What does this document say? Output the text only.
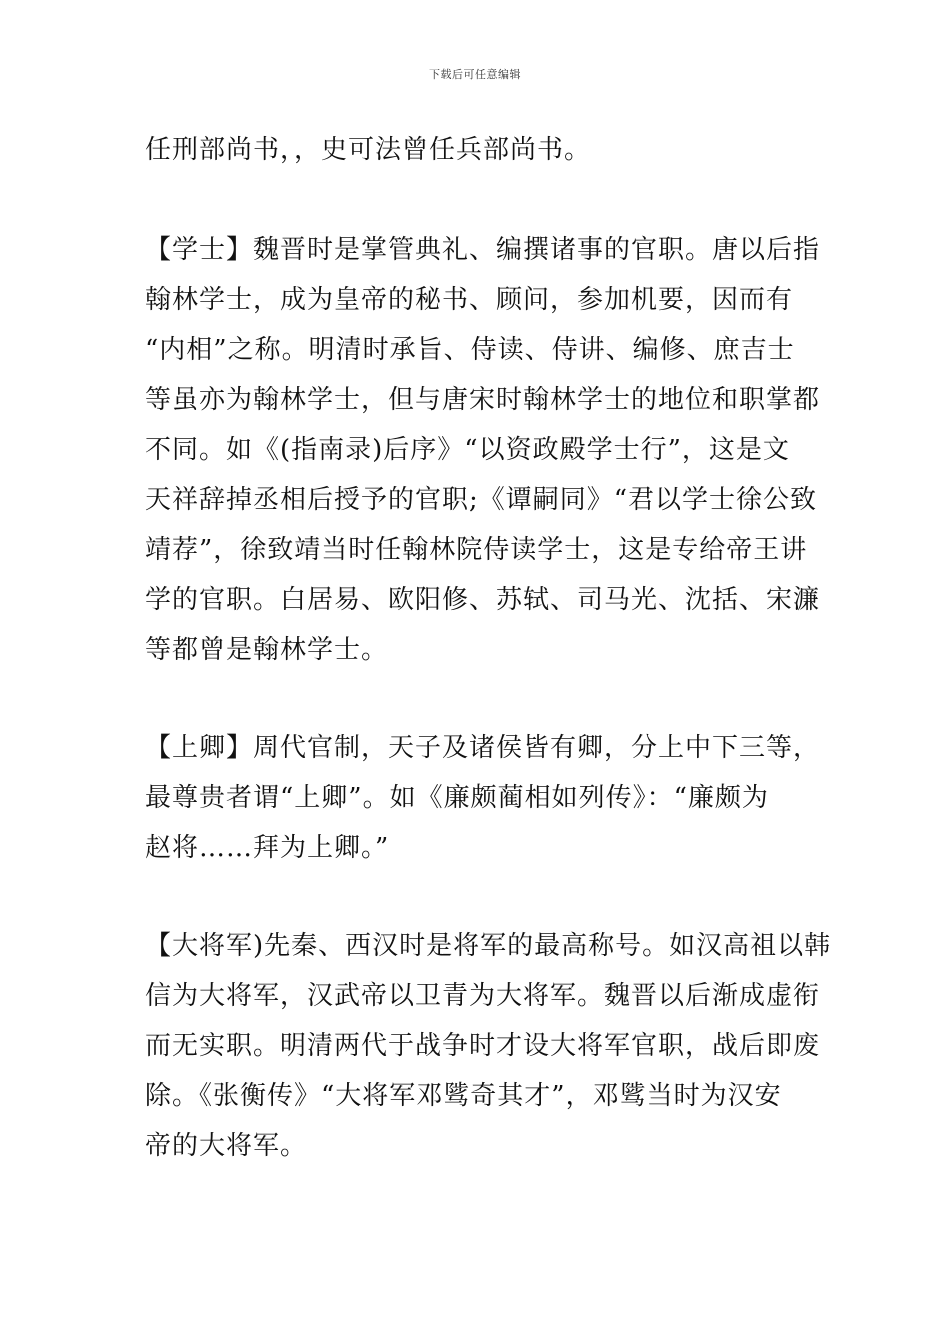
下载后可任意编辑
任刑部尚书，，史可法曾任兵部尚书。
【学士】魏晋时是掌管典礼、编撰诸事的官职。唐以后指
翰林学士，成为皇帝的秘书、顾问，参加机要，因而有
“内相”之称。明清时承旨、侍读、侍讲、编修、庶吉士
等虽亦为翰林学士，但与唐宋时翰林学士的地位和职掌都
不同。如《(指南录)后序》“以资政殿学士行”，这是文
天祥辞掉丞相后授予的官职;《谭嗣同》“君以学士徐公致
靖荐”，徐致靖当时任翰林院侍读学士，这是专给帝王讲
学的官职。白居易、欧阳修、苏轼、司马光、沈括、宋濂
等都曾是翰林学士。
【上卿】周代官制，天子及诸侯皆有卿，分上中下三等，
最尊贵者谓“上卿”。如《廉颇蔺相如列传》：“廉颇为
赵将……拜为上卿。”
【大将军)先秦、西汉时是将军的最高称号。如汉高祖以韩
信为大将军，汉武帝以卫青为大将军。魏晋以后渐成虚衔
而无实职。明清两代于战争时才设大将军官职，战后即废
除。《张衡传》“大将军邓骘奇其才”，邓骘当时为汉安
帝的大将军。
